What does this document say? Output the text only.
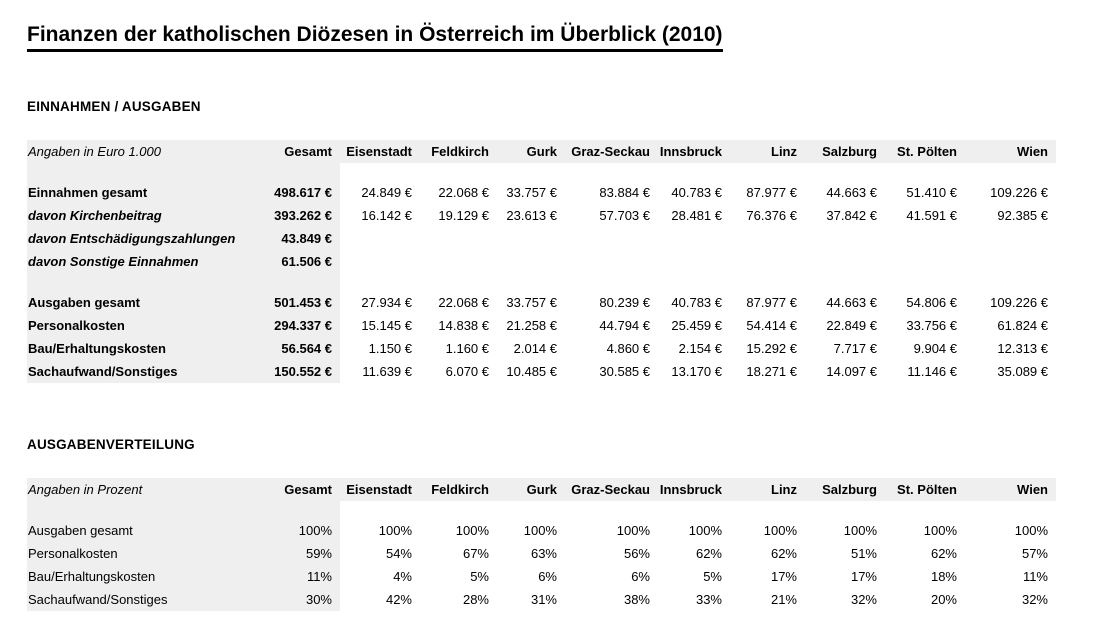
Finanzen der katholischen Diözesen in Österreich im Überblick (2010)
EINNAHMEN / AUSGABEN
Angaben in Euro 1.000	Gesamt	Eisenstadt	Feldkirch	Gurk	Graz-Seckau	Innsbruck	Linz	Salzburg	St. Pölten	Wien

Einnahmen gesamt	498.617 €	24.849 €	22.068 €	33.757 €	83.884 €	40.783 €	87.977 €	44.663 €	51.410 €	109.226 €
davon Kirchenbeitrag	393.262 €	16.142 €	19.129 €	23.613 €	57.703 €	28.481 €	76.376 €	37.842 €	41.591 €	92.385 €
davon Entschädigungszahlungen	43.849 €									
davon Sonstige Einnahmen	61.506 €									

Ausgaben gesamt	501.453 €	27.934 €	22.068 €	33.757 €	80.239 €	40.783 €	87.977 €	44.663 €	54.806 €	109.226 €
Personalkosten	294.337 €	15.145 €	14.838 €	21.258 €	44.794 €	25.459 €	54.414 €	22.849 €	33.756 €	61.824 €
Bau/Erhaltungskosten	56.564 €	1.150 €	1.160 €	2.014 €	4.860 €	2.154 €	15.292 €	7.717 €	9.904 €	12.313 €
Sachaufwand/Sonstiges	150.552 €	11.639 €	6.070 €	10.485 €	30.585 €	13.170 €	18.271 €	14.097 €	11.146 €	35.089 €
AUSGABENVERTEILUNG
Angaben in Prozent	Gesamt	Eisenstadt	Feldkirch	Gurk	Graz-Seckau	Innsbruck	Linz	Salzburg	St. Pölten	Wien

Ausgaben gesamt	100%	100%	100%	100%	100%	100%	100%	100%	100%	100%
Personalkosten	59%	54%	67%	63%	56%	62%	62%	51%	62%	57%
Bau/Erhaltungskosten	11%	4%	5%	6%	6%	5%	17%	17%	18%	11%
Sachaufwand/Sonstiges	30%	42%	28%	31%	38%	33%	21%	32%	20%	32%
